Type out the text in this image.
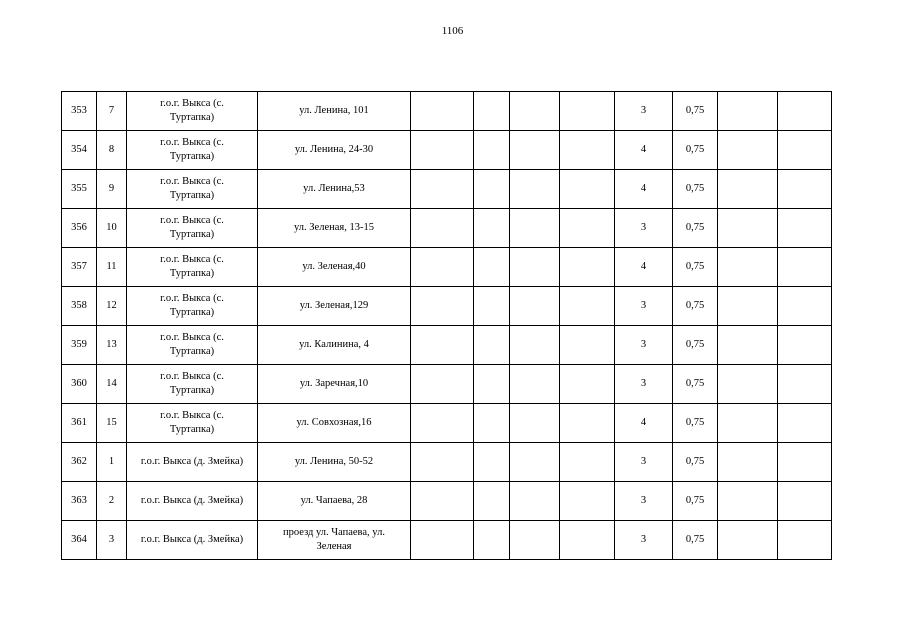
1106
353	7	г.о.г. Выкса (с.
Туртапка)	ул. Ленина, 101					3	0,75		
354	8	г.о.г. Выкса (с.
Туртапка)	ул. Ленина, 24-30					4	0,75		
355	9	г.о.г. Выкса (с.
Туртапка)	ул. Ленина,53					4	0,75		
356	10	г.о.г. Выкса (с.
Туртапка)	ул. Зеленая, 13-15					3	0,75		
357	11	г.о.г. Выкса (с.
Туртапка)	ул. Зеленая,40					4	0,75		
358	12	г.о.г. Выкса (с.
Туртапка)	ул. Зеленая,129					3	0,75		
359	13	г.о.г. Выкса (с.
Туртапка)	ул. Калинина, 4					3	0,75		
360	14	г.о.г. Выкса (с.
Туртапка)	ул. Заречная,10					3	0,75		
361	15	г.о.г. Выкса (с.
Туртапка)	ул. Совхозная,16					4	0,75		
362	1	г.о.г. Выкса (д. Змейка)	ул. Ленина, 50-52					3	0,75		
363	2	г.о.г. Выкса (д. Змейка)	ул. Чапаева, 28					3	0,75		
364	3	г.о.г. Выкса (д. Змейка)	проезд ул. Чапаева, ул.
Зеленая					3	0,75		
